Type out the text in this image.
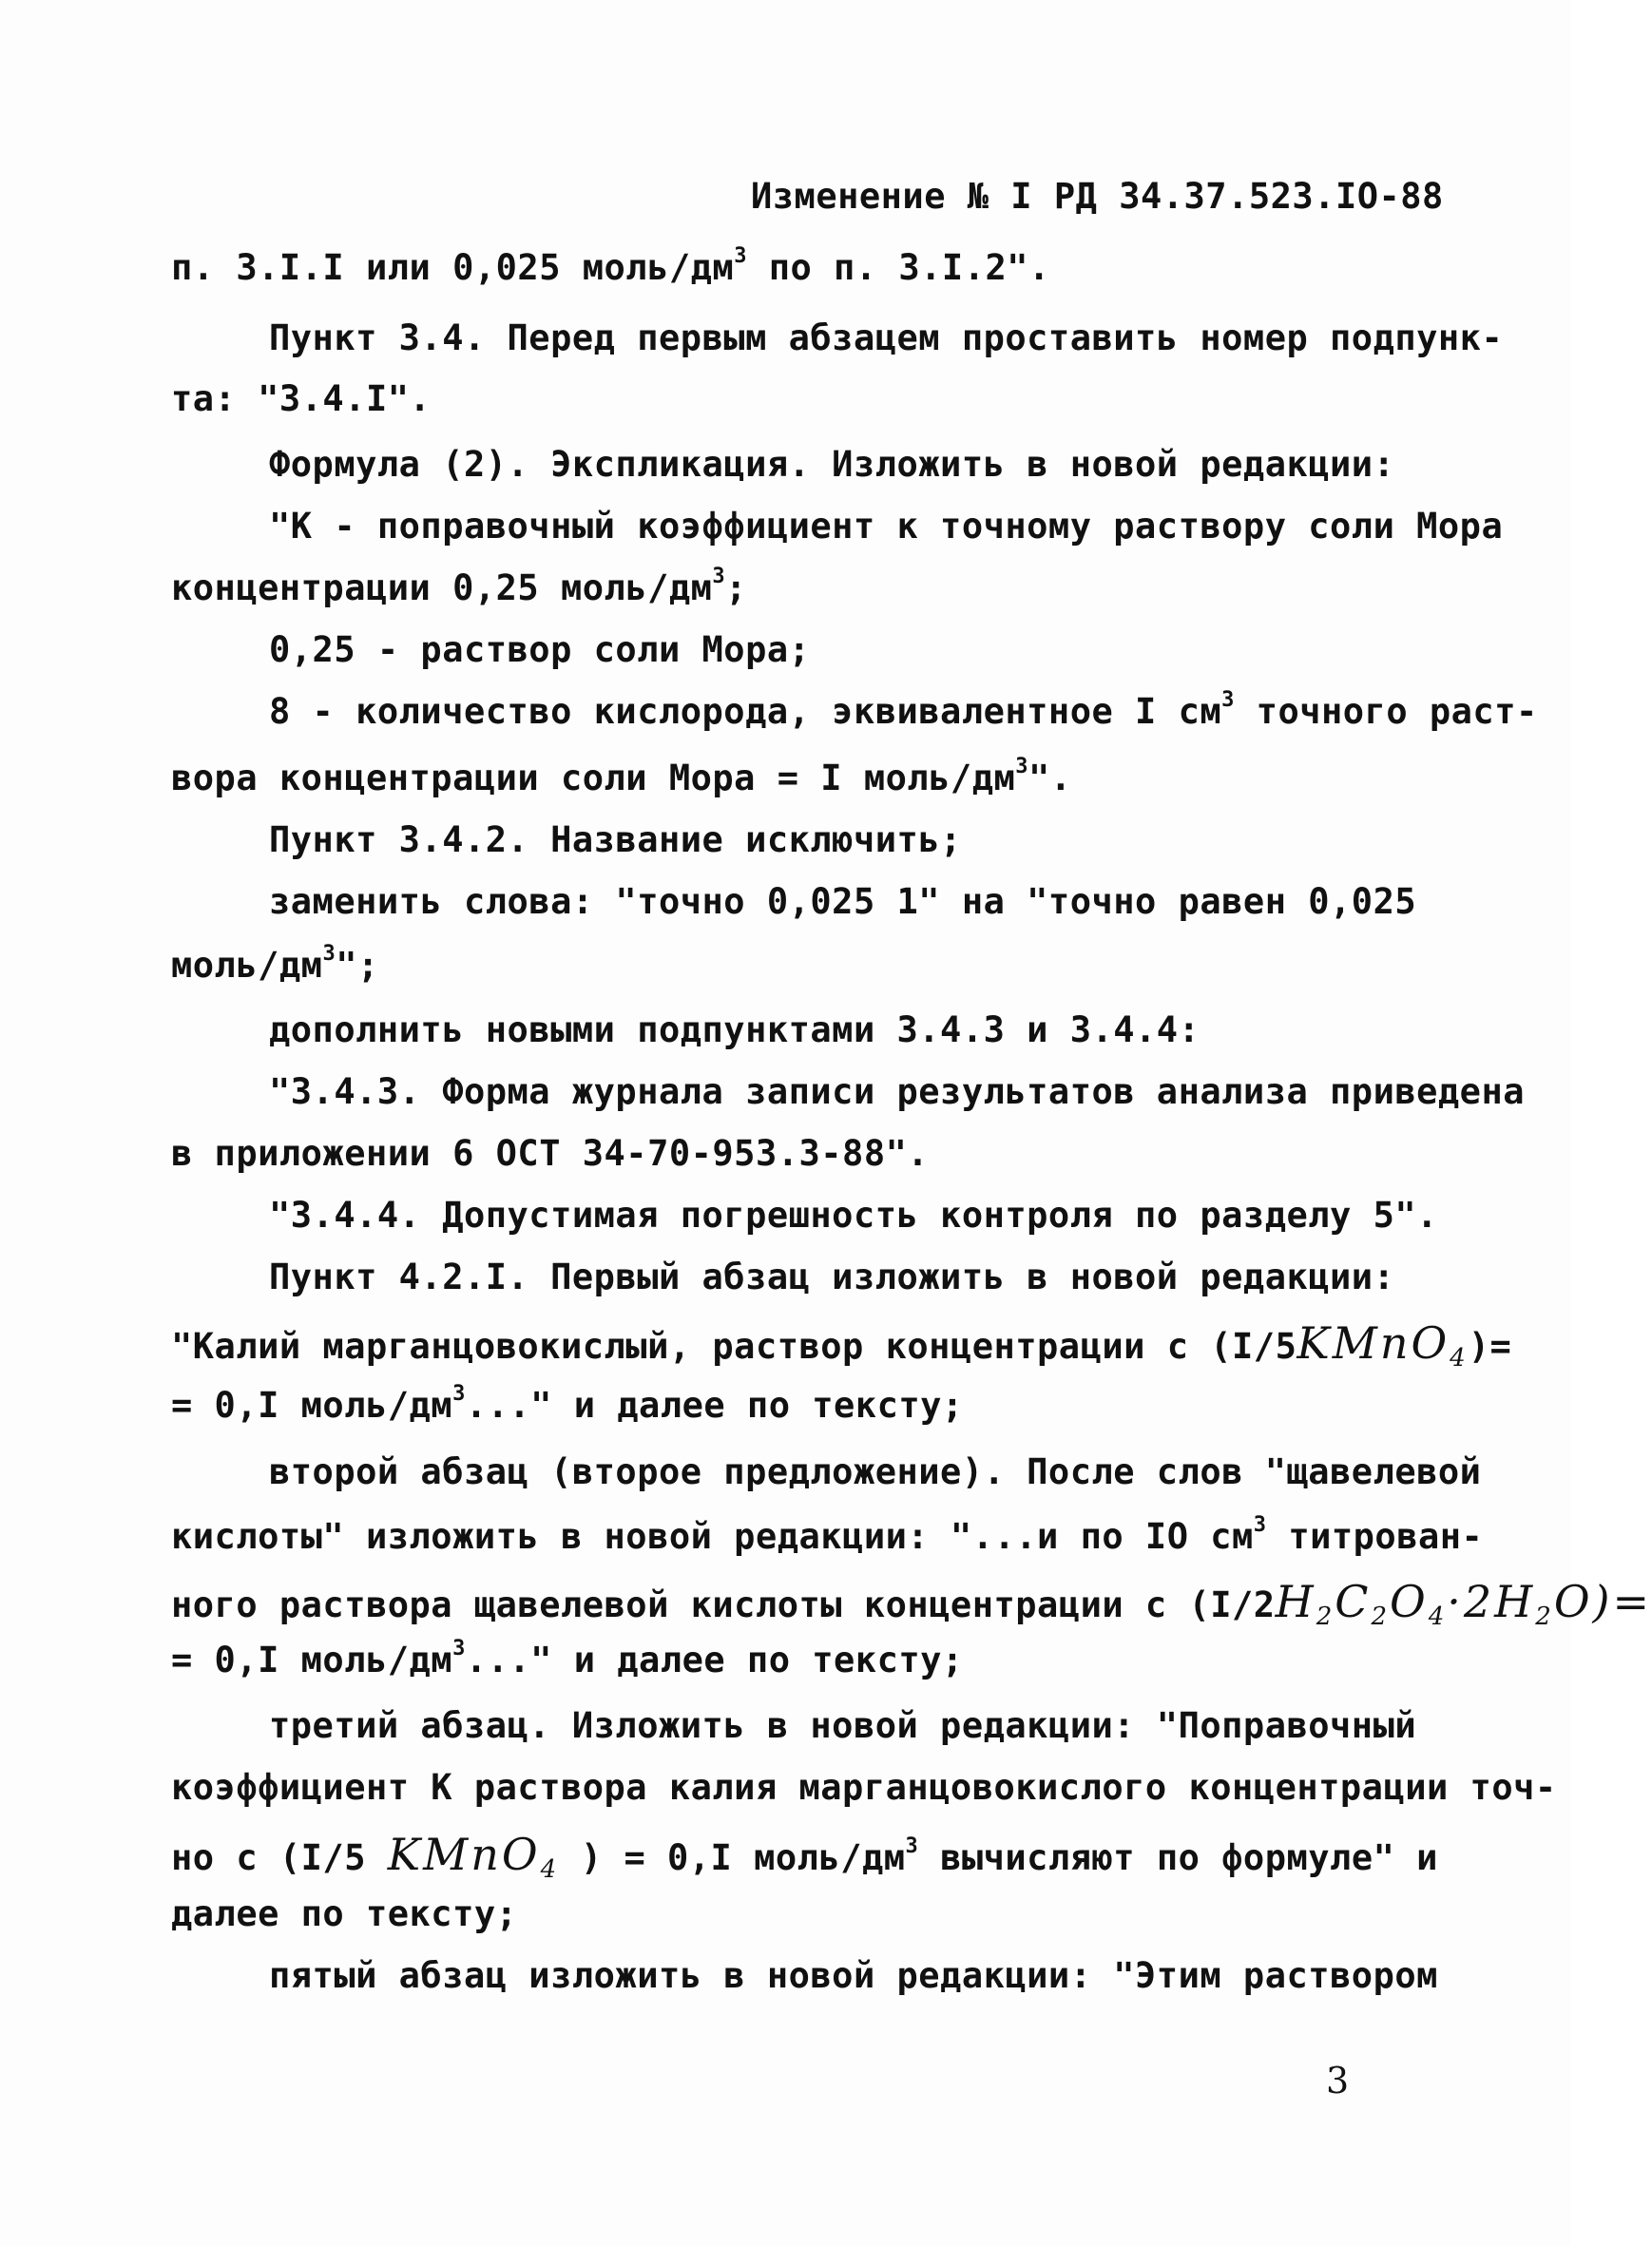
Изменение № I РД 34.37.523.IO-88
п. 3.I.I или 0,025 моль/$дм^3$ по п. 3.I.2".
Пункт 3.4. Перед первым абзацем проставить номер подпунк-
та: "3.4.I".
Формула (2). Экспликация. Изложить в новой редакции:
"К - поправочный коэффициент к точному раствору соли Мора
концентрации 0,25 моль/$дм^3$;
0,25 - раствор соли Мора;
8 - количество кислорода, эквивалентное I $см^3$ точного раст-
вора концентрации соли Мора = I моль/$дм^3$".
Пункт 3.4.2. Название исключить;
заменить слова: "точно 0,025 1" на "точно равен 0,025
моль/$дм^3$";
дополнить новыми подпунктами 3.4.3 и 3.4.4:
"3.4.3. Форма журнала записи результатов анализа приведена
в приложении 6 ОСТ 34-70-953.3-88".
"3.4.4. Допустимая погрешность контроля по разделу 5".
Пункт 4.2.I. Первый абзац изложить в новой редакции:
"Калий марганцовокислый, раствор концентрации с (I/5KMnO$_4$)=
= 0,I моль/$дм^3$..." и далее по тексту;
второй абзац (второе предложение). После слов "щавелевой
кислоты" изложить в новой редакции: "...и по IO $см^3$ титрован-
ного раствора щавелевой кислоты концентрации с $(I/2H_2C_2O_4\cdot 2H_2O)=$
= 0,I моль/$дм^3$..." и далее по тексту;
третий абзац. Изложить в новой редакции: "Поправочный
коэффициент К раствора калия марганцовокислого концентрации точ-
но с (I/5 KMnO$_4$ ) = 0,I моль/$дм^3$ вычисляют по формуле" и
далее по тексту;
пятый абзац изложить в новой редакции: "Этим раствором
3
